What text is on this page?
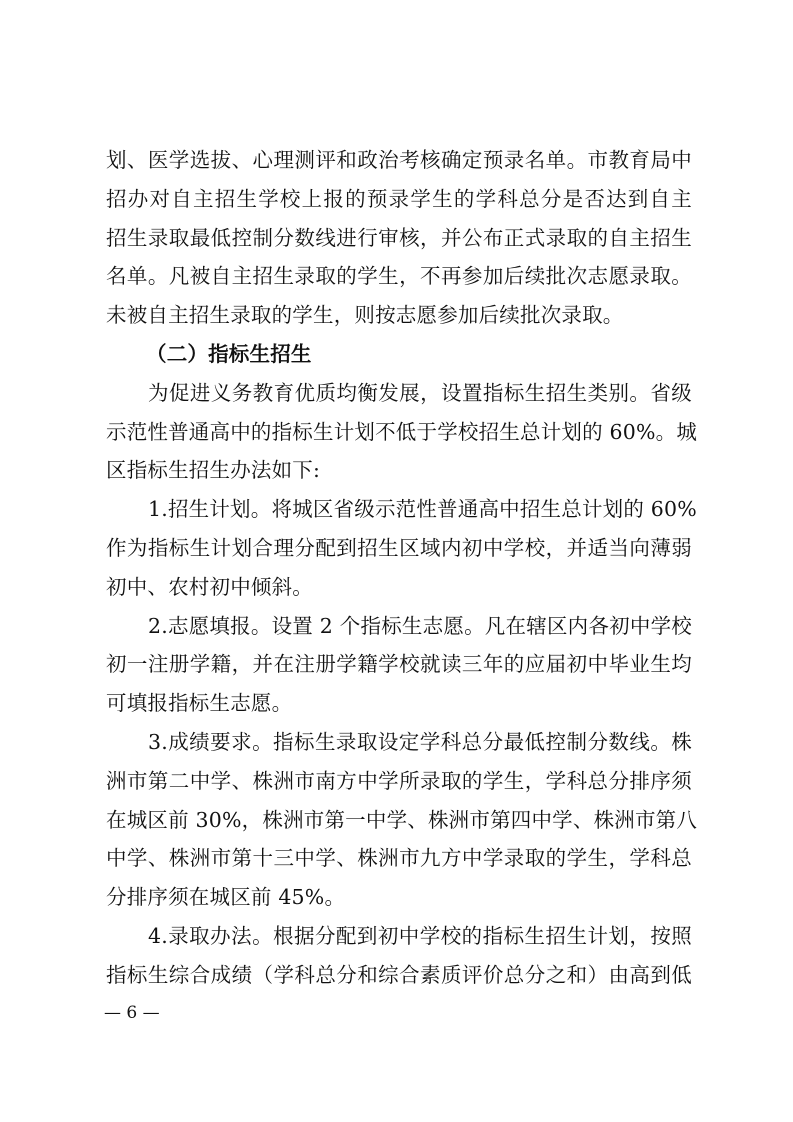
划、医学选拔、心理测评和政治考核确定预录名单。市教育局中
招办对自主招生学校上报的预录学生的学科总分是否达到自主
招生录取最低控制分数线进行审核，并公布正式录取的自主招生
名单。凡被自主招生录取的学生，不再参加后续批次志愿录取。
未被自主招生录取的学生，则按志愿参加后续批次录取。
（二）指标生招生
为促进义务教育优质均衡发展，设置指标生招生类别。省级
示范性普通高中的指标生计划不低于学校招生总计划的 60%。城
区指标生招生办法如下:
1.招生计划。将城区省级示范性普通高中招生总计划的 60%
作为指标生计划合理分配到招生区域内初中学校，并适当向薄弱
初中、农村初中倾斜。
2.志愿填报。设置 2 个指标生志愿。凡在辖区内各初中学校
初一注册学籍，并在注册学籍学校就读三年的应届初中毕业生均
可填报指标生志愿。
3.成绩要求。指标生录取设定学科总分最低控制分数线。株
洲市第二中学、株洲市南方中学所录取的学生，学科总分排序须
在城区前 30%，株洲市第一中学、株洲市第四中学、株洲市第八
中学、株洲市第十三中学、株洲市九方中学录取的学生，学科总
分排序须在城区前 45%。
4.录取办法。根据分配到初中学校的指标生招生计划，按照
指标生综合成绩（学科总分和综合素质评价总分之和）由高到低
— 6 —
